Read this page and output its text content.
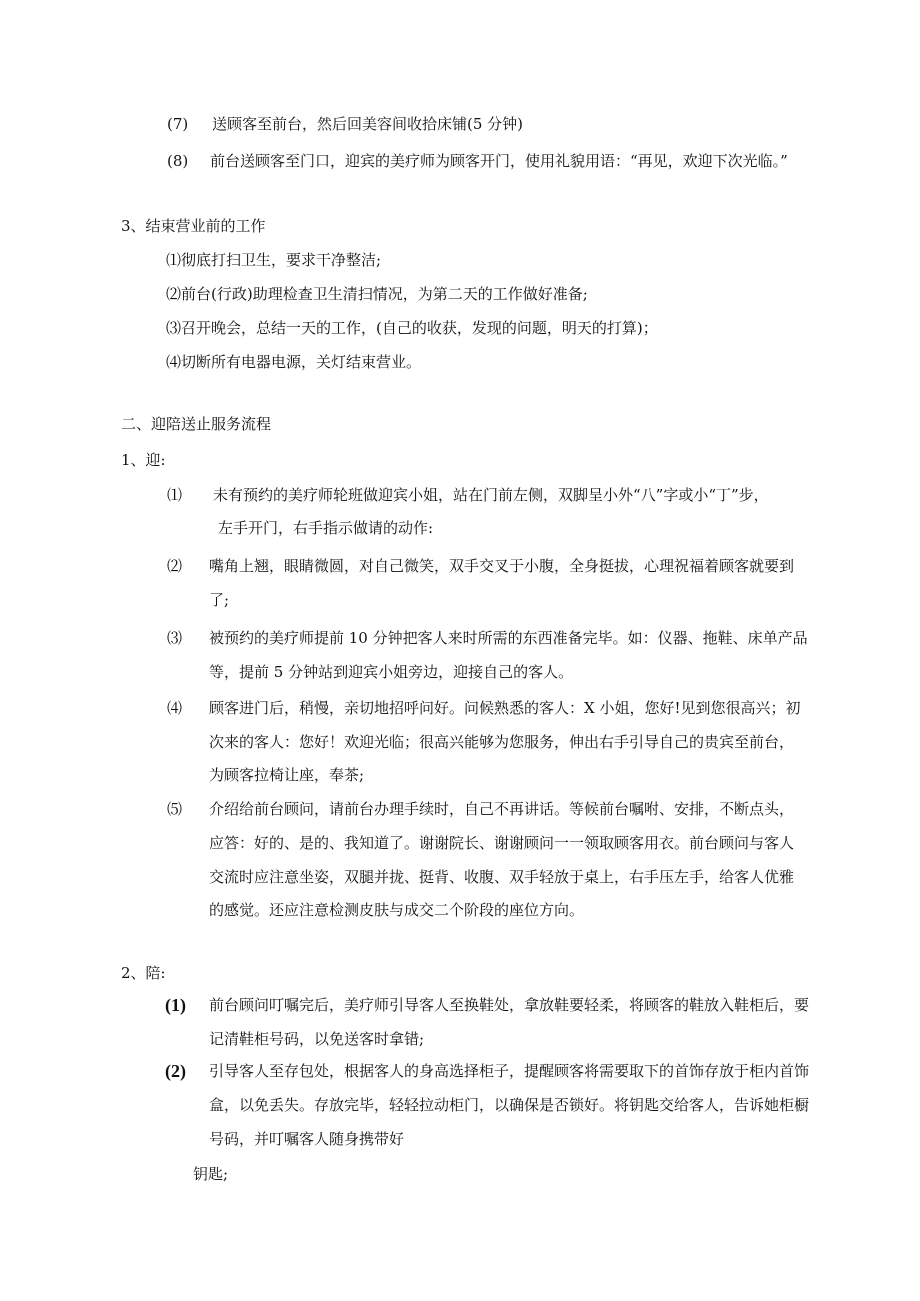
(7) 送顾客至前台，然后回美容间收拾床铺(5 分钟)
(8) 前台送顾客至门口，迎宾的美疗师为顾客开门，使用礼貌用语：“再见，欢迎下次光临。”
3、结束营业前的工作
⑴彻底打扫卫生，要求干净整洁;
⑵前台(行政)助理检查卫生清扫情况，为第二天的工作做好准备;
⑶召开晚会，总结一天的工作，(自己的收获，发现的问题，明天的打算)；
⑷切断所有电器电源，关灯结束营业。
二、迎陪送止服务流程
1、迎:
⑴ 未有预约的美疗师轮班做迎宾小姐，站在门前左侧，双脚呈小外“八”字或小“丁”步，
左手开门，右手指示做请的动作:
⑵ 嘴角上翘，眼睛微圆，对自己微笑，双手交叉于小腹，全身挺拔，心理祝福着顾客就要到
了;
⑶ 被预约的美疗师提前 10 分钟把客人来时所需的东西准备完毕。如：仪器、拖鞋、床单产品
等，提前 5 分钟站到迎宾小姐旁边，迎接自己的客人。
⑷ 顾客进门后，稍慢，亲切地招呼问好。问候熟悉的客人：X 小姐，您好!见到您很高兴；初
次来的客人：您好！欢迎光临；很高兴能够为您服务，伸出右手引导自己的贵宾至前台，
为顾客拉椅让座，奉茶;
⑸ 介绍给前台顾问，请前台办理手续时，自己不再讲话。等候前台嘱咐、安排，不断点头，
应答：好的、是的、我知道了。谢谢院长、谢谢顾问一一领取顾客用衣。前台顾问与客人
交流时应注意坐姿，双腿并拢、挺背、收腹、双手轻放于桌上，右手压左手，给客人优雅
的感觉。还应注意检测皮肤与成交二个阶段的座位方向。
2、陪:
(1) 前台顾问叮嘱完后，美疗师引导客人至换鞋处，拿放鞋要轻柔，将顾客的鞋放入鞋柜后，要
记清鞋柜号码，以免送客时拿错;
(2) 引导客人至存包处，根据客人的身高选择柜子，提醒顾客将需要取下的首饰存放于柜内首饰
盒，以免丢失。存放完毕，轻轻拉动柜门，以确保是否锁好。将钥匙交给客人，告诉她柜橱
号码，并叮嘱客人随身携带好
钥匙;
